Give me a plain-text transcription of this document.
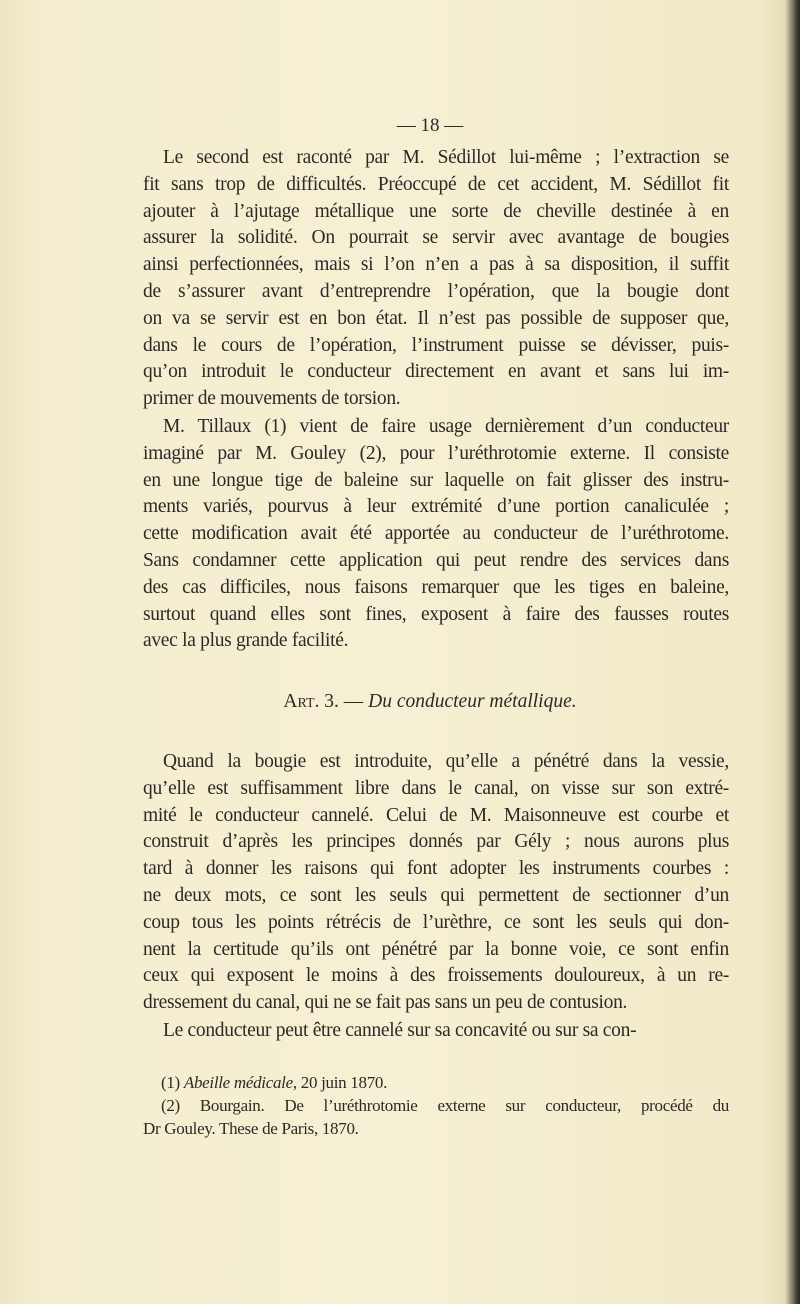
— 18 —
Le second est raconté par M. Sédillot lui-même ; l’extraction se
fit sans trop de difficultés. Préoccupé de cet accident, M. Sédillot fit
ajouter à l’ajutage métallique une sorte de cheville destinée à en
assurer la solidité. On pourrait se servir avec avantage de bougies
ainsi perfectionnées, mais si l’on n’en a pas à sa disposition, il suffit
de s’assurer avant d’entreprendre l’opération, que la bougie dont
on va se servir est en bon état. Il n’est pas possible de supposer que,
dans le cours de l’opération, l’instrument puisse se dévisser, puis-
qu’on introduit le conducteur directement en avant et sans lui im-
primer de mouvements de torsion.
M. Tillaux (1) vient de faire usage dernièrement d’un conducteur
imaginé par M. Gouley (2), pour l’uréthrotomie externe. Il consiste
en une longue tige de baleine sur laquelle on fait glisser des instru-
ments variés, pourvus à leur extrémité d’une portion canaliculée ;
cette modification avait été apportée au conducteur de l’uréthrotome.
Sans condamner cette application qui peut rendre des services dans
des cas difficiles, nous faisons remarquer que les tiges en baleine,
surtout quand elles sont fines, exposent à faire des fausses routes
avec la plus grande facilité.
Art. 3. — Du conducteur métallique.
Quand la bougie est introduite, qu’elle a pénétré dans la vessie,
qu’elle est suffisamment libre dans le canal, on visse sur son extré-
mité le conducteur cannelé. Celui de M. Maisonneuve est courbe et
construit d’après les principes donnés par Gély ; nous aurons plus
tard à donner les raisons qui font adopter les instruments courbes :
ne deux mots, ce sont les seuls qui permettent de sectionner d’un
coup tous les points rétrécis de l’urèthre, ce sont les seuls qui don-
nent la certitude qu’ils ont pénétré par la bonne voie, ce sont enfin
ceux qui exposent le moins à des froissements douloureux, à un re-
dressement du canal, qui ne se fait pas sans un peu de contusion.
Le conducteur peut être cannelé sur sa concavité ou sur sa con-
(1) Abeille médicale, 20 juin 1870.
(2) Bourgain. De l’uréthrotomie externe sur conducteur, procédé du
Dr Gouley. These de Paris, 1870.
